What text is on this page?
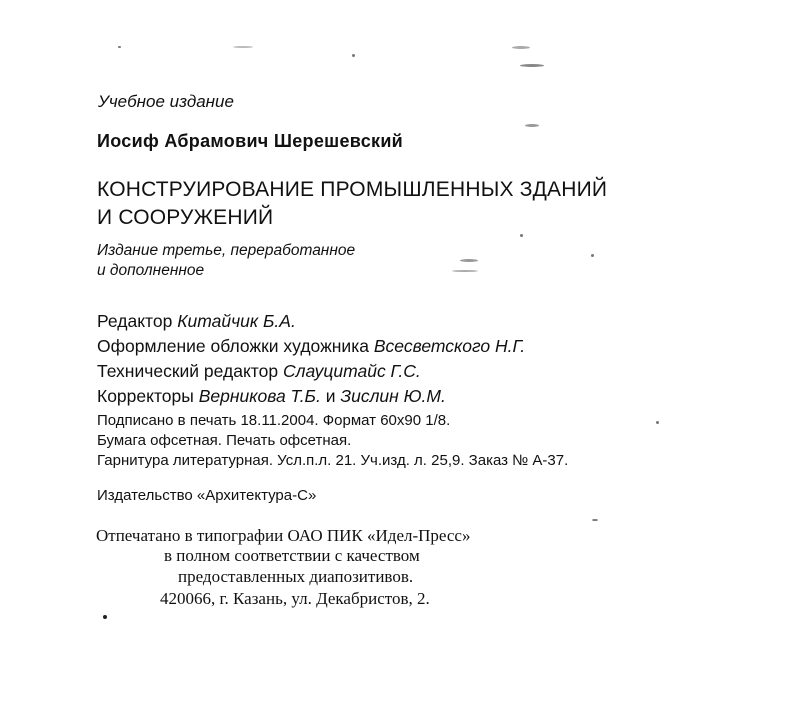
Учебное издание
Иосиф Абрамович Шерешевский
КОНСТРУИРОВАНИЕ ПРОМЫШЛЕННЫХ ЗДАНИЙ
И СООРУЖЕНИЙ
Издание третье, переработанное
и дополненное
Редактор Китайчик Б.А.
Оформление обложки художника Всесветского Н.Г.
Технический редактор Слауцитайс Г.С.
Корректоры Верникова Т.Б. и Зислин Ю.М.
Подписано в печать 18.11.2004. Формат 60x90 1/8.
Бумага офсетная. Печать офсетная.
Гарнитура литературная. Усл.п.л. 21. Уч.изд. л. 25,9. Заказ № А-37.
Издательство «Архитектура-С»
Отпечатано в типографии ОАО ПИК «Идел-Пресс»
в полном соответствии с качеством
предоставленных диапозитивов.
420066, г. Казань, ул. Декабристов, 2.
